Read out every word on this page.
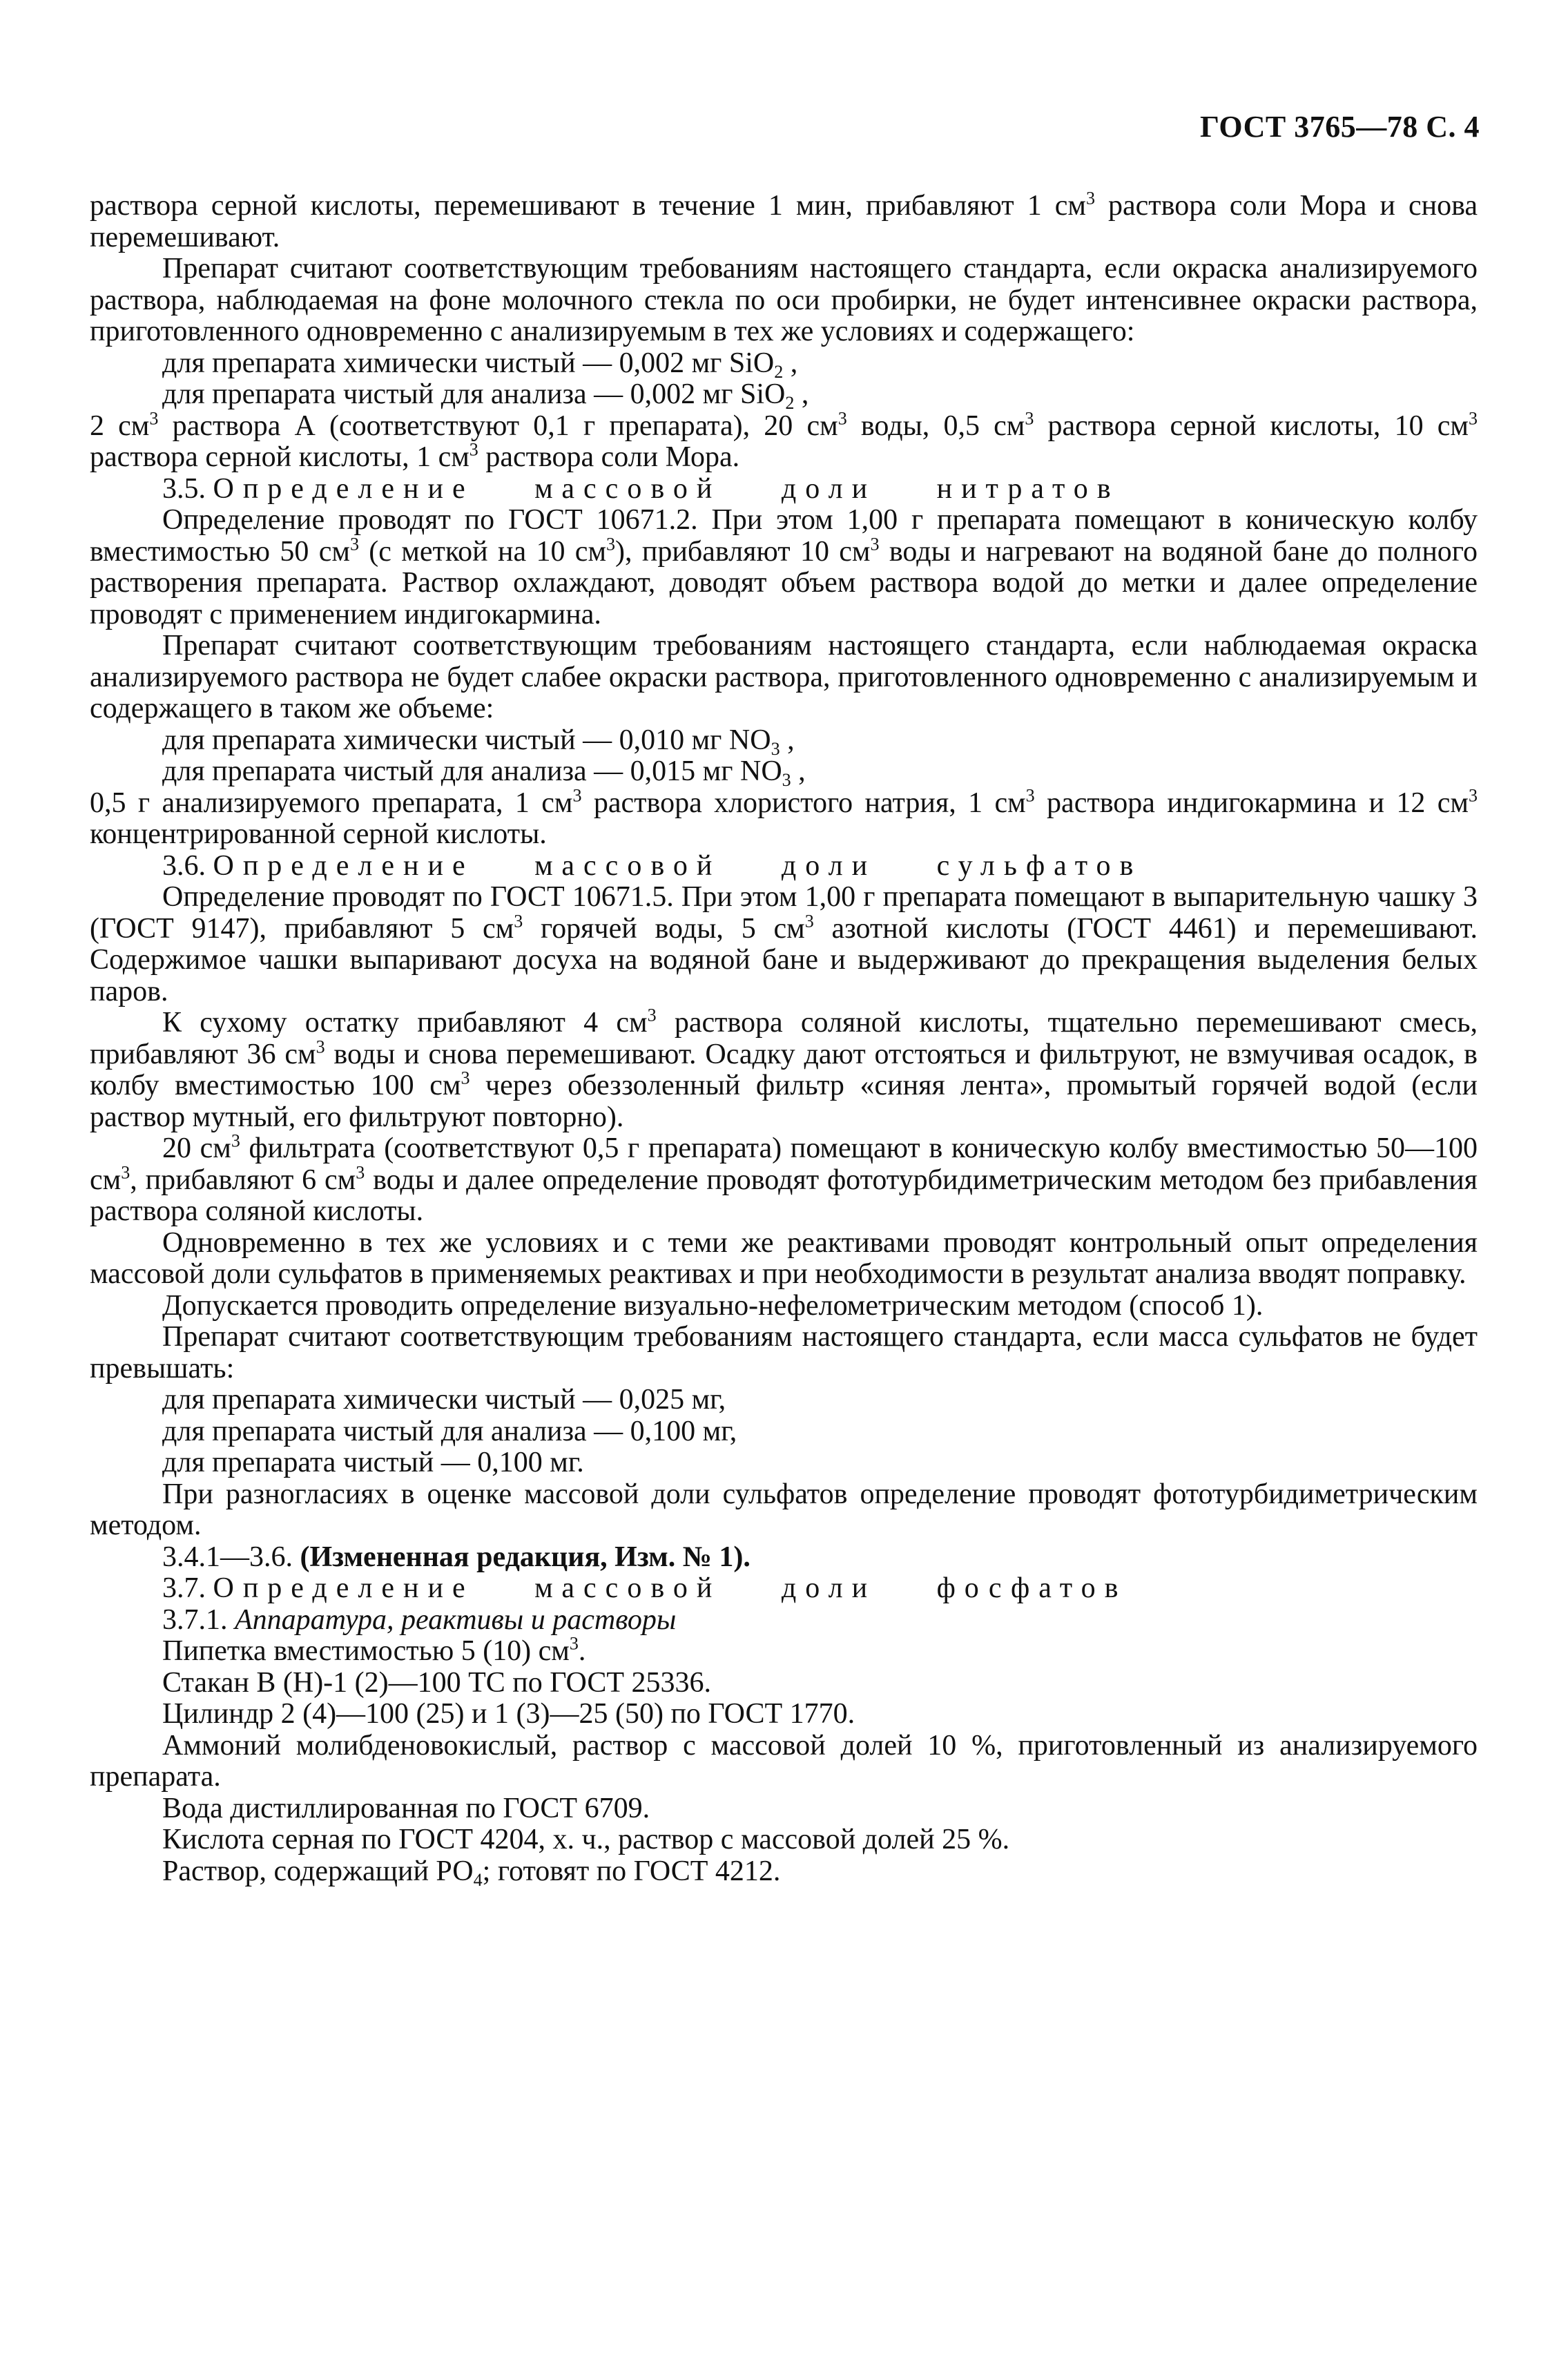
ГОСТ 3765—78 С. 4

раствора серной кислоты, перемешивают в течение 1 мин, прибавляют 1 $см^3$ раствора соли Мора и снова перемешивают.

Препарат считают соответствующим требованиям настоящего стандарта, если окраска анализируемого раствора, наблюдаемая на фоне молочного стекла по оси пробирки, не будет интенсивнее окраски раствора, приготовленного одновременно с анализируемым в тех же условиях и содержащего:

для препарата химически чистый — 0,002 мг SiO$_2$ ,

для препарата чистый для анализа — 0,002 мг SiO$_2$ ,

2 $см^3$ раствора А (соответствуют 0,1 г препарата), 20 $см^3$ воды, 0,5 $см^3$ раствора серной кислоты, 10 $см^3$ раствора серной кислоты, 1 $см^3$ раствора соли Мора.

3.5. Определение массовой доли нитратов

Определение проводят по ГОСТ 10671.2. При этом 1,00 г препарата помещают в коническую колбу вместимостью 50 $см^3$ (с меткой на 10 $см^3$), прибавляют 10 $см^3$ воды и нагревают на водяной бане до полного растворения препарата. Раствор охлаждают, доводят объем раствора водой до метки и далее определение проводят с применением индигокармина.

Препарат считают соответствующим требованиям настоящего стандарта, если наблюдаемая окраска анализируемого раствора не будет слабее окраски раствора, приготовленного одновременно с анализируемым и содержащего в таком же объеме:

для препарата химически чистый — 0,010 мг $NO_3$ ,

для препарата чистый для анализа — 0,015 мг $NO_3$ ,

0,5 г анализируемого препарата, 1 $см^3$ раствора хлористого натрия, 1 $см^3$ раствора индигокармина и 12 $см^3$ концентрированной серной кислоты.

3.6. Определение массовой доли сульфатов

Определение проводят по ГОСТ 10671.5. При этом 1,00 г препарата помещают в выпарительную чашку 3 (ГОСТ 9147), прибавляют 5 $см^3$ горячей воды, 5 $см^3$ азотной кислоты (ГОСТ 4461) и перемешивают. Содержимое чашки выпаривают досуха на водяной бане и выдерживают до прекращения выделения белых паров.

К сухому остатку прибавляют 4 $см^3$ раствора соляной кислоты, тщательно перемешивают смесь, прибавляют 36 $см^3$ воды и снова перемешивают. Осадку дают отстояться и фильтруют, не взмучивая осадок, в колбу вместимостью 100 $см^3$ через обеззоленный фильтр «синяя лента», промытый горячей водой (если раствор мутный, его фильтруют повторно).

20 $см^3$ фильтрата (соответствуют 0,5 г препарата) помещают в коническую колбу вместимостью 50—100 $см^3$, прибавляют 6 $см^3$ воды и далее определение проводят фототурбидиметрическим методом без прибавления раствора соляной кислоты.

Одновременно в тех же условиях и с теми же реактивами проводят контрольный опыт определения массовой доли сульфатов в применяемых реактивах и при необходимости в результат анализа вводят поправку.

Допускается проводить определение визуально-нефелометрическим методом (способ 1).

Препарат считают соответствующим требованиям настоящего стандарта, если масса сульфатов не будет превышать:

для препарата химически чистый — 0,025 мг,

для препарата чистый для анализа — 0,100 мг,

для препарата чистый — 0,100 мг.

При разногласиях в оценке массовой доли сульфатов определение проводят фототурбидиметрическим методом.

3.4.1—3.6. (Измененная редакция, Изм. № 1).

3.7. Определение массовой доли фосфатов

3.7.1. Аппаратура, реактивы и растворы

Пипетка вместимостью 5 (10) $см^3$.

Стакан В (Н)-1 (2)—100 ТС по ГОСТ 25336.

Цилиндр 2 (4)—100 (25) и 1 (3)—25 (50) по ГОСТ 1770.

Аммоний молибденовокислый, раствор с массовой долей 10 %, приготовленный из анализируемого препарата.

Вода дистиллированная по ГОСТ 6709.

Кислота серная по ГОСТ 4204, х. ч., раствор с массовой долей 25 %.

Раствор, содержащий $РО_4$; готовят по ГОСТ 4212.
